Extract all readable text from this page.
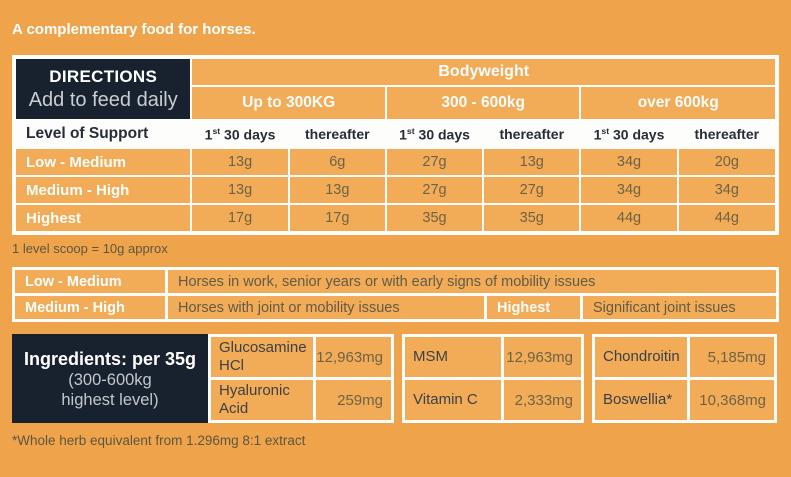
A complementary food for horses.
DIRECTIONS
Add to feed daily	Bodyweight					
	Up to 300KG		300 - 600kg		over 600kg	
Level of Support	1st 30 days	thereafter	1st 30 days	thereafter	1st 30 days	thereafter
Low - Medium	13g	6g	27g	13g	34g	20g
Medium - High	13g	13g	27g	27g	34g	34g
Highest	17g	17g	35g	35g	44g	44g
1 level scoop = 10g approx
Low - Medium	Horses in work, senior years or with early signs of mobility issues		
Medium - High	Horses with joint or mobility issues	Highest	Significant joint issues
Ingredients: per 35g
(300-600kg
highest level)
Glucosamine HCl	12,963mg
Hyaluronic Acid	259mg
MSM	12,963mg
Vitamin C	2,333mg
Chondroitin	5,185mg
Boswellia*	10,368mg
*Whole herb equivalent from 1.296mg 8:1 extract
